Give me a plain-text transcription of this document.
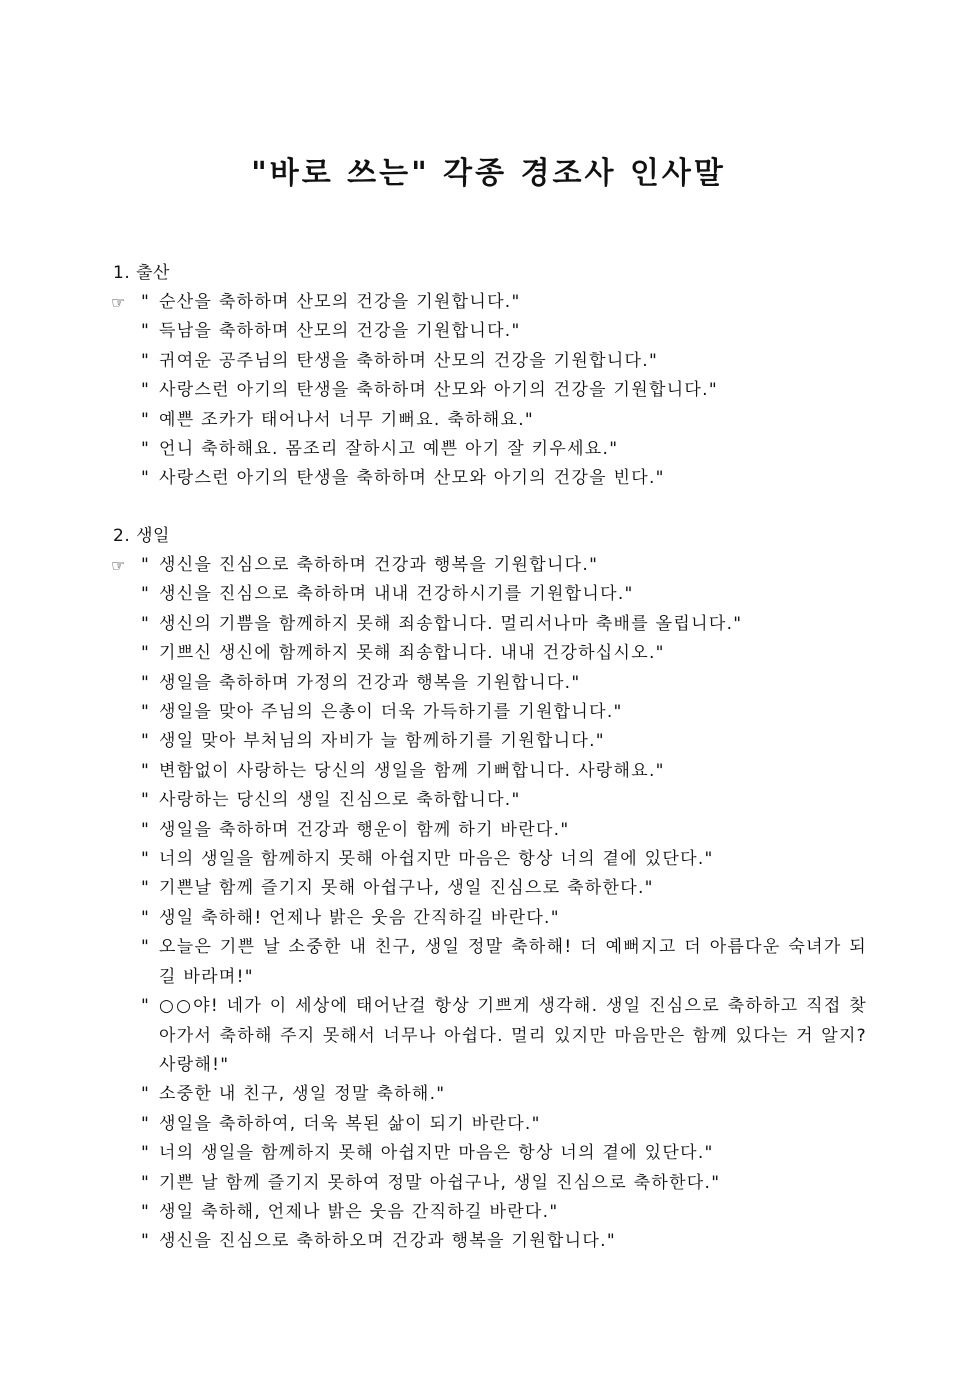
"바로 쓰는" 각종 경조사 인사말

1. 출산

☞ " 순산을 축하하며 산모의 건강을 기원합니다."
" 득남을 축하하며 산모의 건강을 기원합니다."
" 귀여운 공주님의 탄생을 축하하며 산모의 건강을 기원합니다."
" 사랑스런 아기의 탄생을 축하하며 산모와 아기의 건강을 기원합니다."
" 예쁜 조카가 태어나서 너무 기뻐요. 축하해요."
" 언니 축하해요. 몸조리 잘하시고 예쁜 아기 잘 키우세요."
" 사랑스런 아기의 탄생을 축하하며 산모와 아기의 건강을 빈다."

2. 생일

☞ " 생신을 진심으로 축하하며 건강과 행복을 기원합니다."
" 생신을 진심으로 축하하며 내내 건강하시기를 기원합니다."
" 생신의 기쁨을 함께하지 못해 죄송합니다. 멀리서나마 축배를 올립니다."
" 기쁘신 생신에 함께하지 못해 죄송합니다. 내내 건강하십시오."
" 생일을 축하하며 가정의 건강과 행복을 기원합니다."
" 생일을 맞아 주님의 은총이 더욱 가득하기를 기원합니다."
" 생일 맞아 부처님의 자비가 늘 함께하기를 기원합니다."
" 변함없이 사랑하는 당신의 생일을 함께 기뻐합니다. 사랑해요."
" 사랑하는 당신의 생일 진심으로 축하합니다."
" 생일을 축하하며 건강과 행운이 함께 하기 바란다."
" 너의 생일을 함께하지 못해 아쉽지만 마음은 항상 너의 곁에 있단다."
" 기쁜날 함께 즐기지 못해 아쉽구나, 생일 진심으로 축하한다."
" 생일 축하해! 언제나 밝은 웃음 간직하길 바란다."
" 오늘은 기쁜 날 소중한 내 친구, 생일 정말 축하해! 더 예뻐지고 더 아름다운 숙녀가 되길 바라며!"
" ○○야! 네가 이 세상에 태어난걸 항상 기쁘게 생각해. 생일 진심으로 축하하고 직접 찾아가서 축하해 주지 못해서 너무나 아쉽다. 멀리 있지만 마음만은 함께 있다는 거 알지? 사랑해!"
" 소중한 내 친구, 생일 정말 축하해."
" 생일을 축하하여, 더욱 복된 삶이 되기 바란다."
" 너의 생일을 함께하지 못해 아쉽지만 마음은 항상 너의 곁에 있단다."
" 기쁜 날 함께 즐기지 못하여 정말 아쉽구나, 생일 진심으로 축하한다."
" 생일 축하해, 언제나 밝은 웃음 간직하길 바란다."
" 생신을 진심으로 축하하오며 건강과 행복을 기원합니다."
